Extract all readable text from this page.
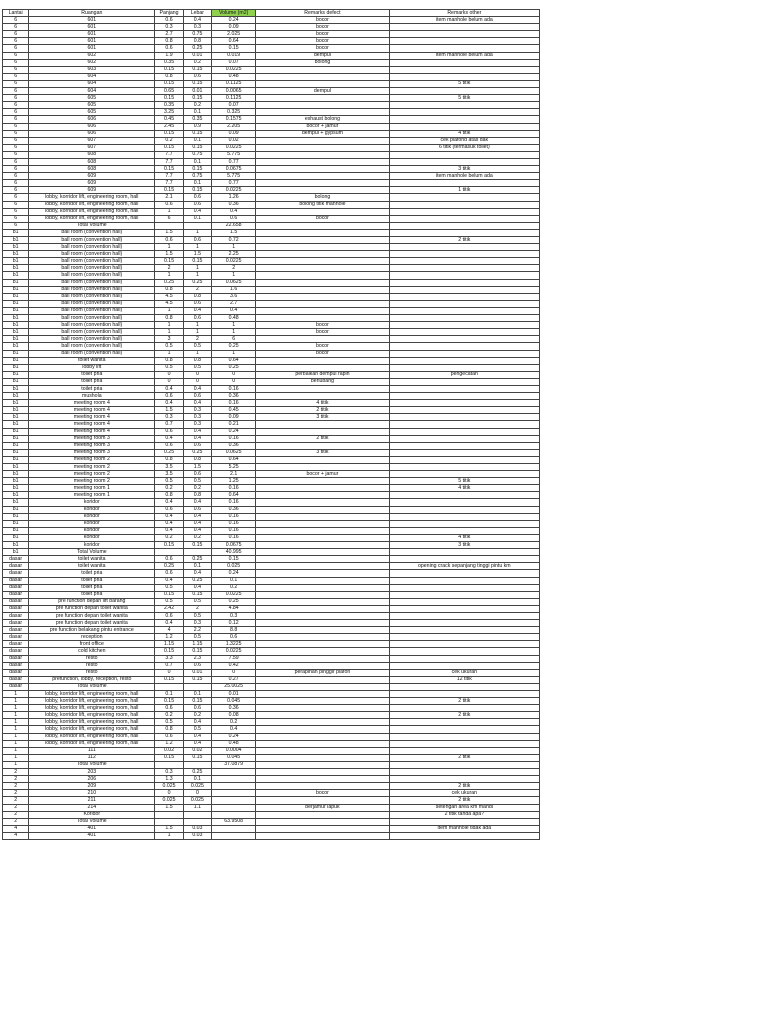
Lantai	Ruangan	Panjang	Lebar	Volume (m2)	Remarks defect	Remarks other
6	601	0.6	0.4	0.24	bocor	item manhole belum ada
6	601	0.3	0.3	0.09	bocor	
6	601	2.7	0.75	2.025	bocor	
6	601	0.8	0.8	0.64	bocor	
6	601	0.6	0.25	0.15	bocor	
6	602	1.9	0.01	0.019	dempul	item manhole belum ada
6	602	0.35	0.2	0.07	bolong	
6	603	0.15	0.15	0.0225		
6	604	0.8	0.6	0.48		
6	604	0.15	0.15	0.1125		5 titik
6	604	0.65	0.01	0.0065	dempul	
6	605	0.15	0.15	0.1125		5 titik
6	605	0.35	0.2	0.07		
6	605	3.25	0.1	0.325		
6	606	0.45	0.35	0.1575	exhaust bolong	
6	606	2.45	0.9	2.205	bocor + jamur	
6	606	0.15	0.15	0.09	dempul + gypsum	4 titik
6	607	0.2	0.1	0.02		cek plafond atas dak
6	607	0.15	0.15	0.0225		6 titik (termasuk toilet)
6	608	7.7	0.75	5.775		
6	608	7.7	0.1	0.77		
6	608	0.15	0.15	0.0675		3 titik
6	609	7.7	0.75	5.775		item manhole belum ada
6	609	7.7	0.1	0.77		
6	609	0.15	0.15	0.0225		1 titik
6	lobby, korridor lift, engineering room, hall	2.1	0.6	1.26	bolong	
6	lobby, korridor lift, engineering room, hall	0.6	0.6	0.36	bolong titik manhole	
6	lobby, korridor lift, engineering room, hall	1	0.4	0.4		
6	lobby, korridor lift, engineering room, hall	6	0.1	0.6	bocor	
6	Total Volume			22.658		
b1	ball room (convention hall)	1.5	1	1.5		
b1	ball room (convention hall)	0.6	0.6	0.72		2 titik
b1	ball room (convention hall)	1	1	1		
b1	ball room (convention hall)	1.5	1.5	2.25		
b1	ball room (convention hall)	0.15	0.15	0.0225		
b1	ball room (convention hall)	2	1	2		
b1	ball room (convention hall)	1	1	1		
b1	ball room (convention hall)	0.25	0.25	0.0625		
b1	ball room (convention hall)	0.8	2	1.6		
b1	ball room (convention hall)	4.5	0.8	3.6		
b1	ball room (convention hall)	4.5	0.6	2.7		
b1	ball room (convention hall)	1	0.4	0.4		
b1	ball room (convention hall)	0.8	0.6	0.48		
b1	ball room (convention hall)	1	1	1	bocor	
b1	ball room (convention hall)	1	1	1	bocor	
b1	ball room (convention hall)	3	2	6		
b1	ball room (convention hall)	0.5	0.5	0.25	bocor	
b1	ball room (convention hall)	1	1	1	bocor	
b1	toilet wanita	0.8	0.8	0.64		
b1	lobby lift	0.5	0.5	0.25		
b1	toilet pria	0	0	0	perbaikan dempul rapih	pengecatan
b1	toilet pria	0	0	0	berlubang	
b1	toilet pria	0.4	0.4	0.16		
b1	mushola	0.6	0.6	0.36		
b1	meeting room 4	0.4	0.4	0.16	4 titik	
b1	meeting room 4	1.5	0.3	0.45	2 titik	
b1	meeting room 4	0.3	0.3	0.09	3 titik	
b1	meeting room 4	0.7	0.3	0.21		
b1	meeting room 4	0.6	0.4	0.24		
b1	meeting room 3	0.4	0.4	0.16	2 titik	
b1	meeting room 3	0.6	0.6	0.36		
b1	meeting room 3	0.25	0.25	0.0625	3 titik	
b1	meeting room 2	0.8	0.8	0.64		
b1	meeting room 2	3.5	1.5	5.25		
b1	meeting room 2	3.5	0.6	2.1	bocor + jamur	
b1	meeting room 2	0.5	0.5	1.25		5 titik
b1	meeting room 1	0.2	0.2	0.16		4 titik
b1	meeting room 1	0.8	0.8	0.64		
b1	koridor	0.4	0.4	0.16		
b1	koridor	0.6	0.6	0.36		
b1	koridor	0.4	0.4	0.16		
b1	koridor	0.4	0.4	0.16		
b1	koridor	0.4	0.4	0.16		
b1	koridor	0.2	0.2	0.16		4 titik
b1	koridor	0.15	0.15	0.0675		3 titik
b1	Total Volume			40.995		
dasar	toilet wanita	0.6	0.25	0.15		
dasar	toilet wanita	0.25	0.1	0.025		opening crack sepanjang tinggi pintu km
dasar	toilet pria	0.6	0.4	0.24		
dasar	toilet pria	0.4	0.25	0.1		
dasar	toilet pria	0.5	0.4	0.2		
dasar	toilet pria	0.15	0.15	0.0225		
dasar	pre function depan lift barang	0.5	0.5	0.25		
dasar	pre function depan toilet wanita	2.42	2	4.84		
dasar	pre function depan toilet wanita	0.6	0.5	0.3		
dasar	pre function depan toilet wanita	0.4	0.3	0.12		
dasar	pre function belakang pintu entrance	4	2.2	8.8		
dasar	reception	1.2	0.5	0.6		
dasar	front office	1.15	1.15	1.3225		
dasar	cold kitchen	0.15	0.15	0.0225		
dasar	resto	3.3	2.3	7.59		
dasar	resto	0.7	0.6	0.42		
dasar	resto	0	0.01	0	perapihan pinggir plafon	cek ukuran
dasar	prefunction, lobby, reception, resto	0.15	0.15	0.27		12 titik
dasar	Total Volume			25.0025		
1	lobby, korridor lift, engineering room, hall	0.1	0.1	0.01		
1	lobby, korridor lift, engineering room, hall	0.15	0.15	0.045		2 titik
1	lobby, korridor lift, engineering room, hall	0.6	0.6	0.36		
1	lobby, korridor lift, engineering room, hall	0.2	0.2	0.08		2 titik
1	lobby, korridor lift, engineering room, hall	0.5	0.4	0.2		
1	lobby, korridor lift, engineering room, hall	0.8	0.5	0.4		
1	lobby, korridor lift, engineering room, hall	0.6	0.4	0.24		
1	lobby, korridor lift, engineering room, hall	1.2	0.4	0.48		
1	111	0.02	0.02	0.0004		
1	112	0.15	0.15	0.045		2 titik
1	Total Volume			37.0879		
2	203	0.3	0.25			
2	206	1.3	0.1			
2	209	0.025	0.025			2 titik
2	210	0	0		bocor	cek ukuran
2	211	0.025	0.025			2 titik
2	214	1.5	1.1		berjamur lapuk	setengah area km mandi
2	Koridor					2 titik tanda apa?
2	Total Volume			63.9508		
4	401	1.5	0.03			item manhole tidak ada
4	401	1	0.03			
